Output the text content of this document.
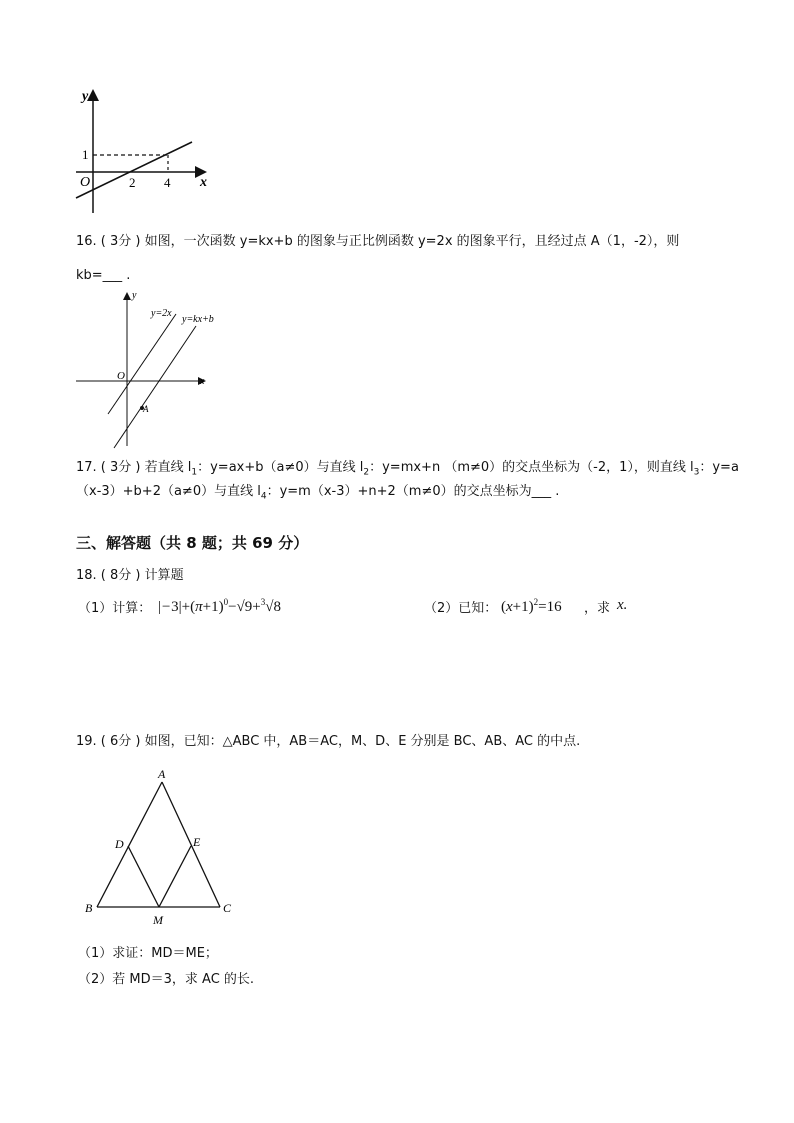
y
x
O
1
2 4
16. ( 3分 ) 如图，一次函数 y=kx+b 的图象与正比例函数 y=2x 的图象平行，且经过点 A（1，-2），则
kb=___ .
y
x
O
y=2x
y=kx+b
A
17. ( 3分 ) 若直线 $l_1$：y=ax+b（a≠0）与直线 $l_2$：y=mx+n （m≠0）的交点坐标为（-2，1），则直线 $l_3$：y=a
（x-3）+b+2（a≠0）与直线 $l_4$：y=m（x-3）+n+2（m≠0）的交点坐标为___ .
三、解答题（共 8 题；共 69 分）
18. ( 8分 ) 计算题
（1）计算： $|-3|+(\pi+1)^0-√9+^3√8$	（2）已知： $(x+1)^2=16$ ，求 x.
19. ( 6分 ) 如图，已知：△ABC 中，AB＝AC，M、D、E 分别是 BC、AB、AC 的中点.
A
B	C
D	E
M
（1）求证：MD＝ME；
（2）若 MD＝3，求 AC 的长.
